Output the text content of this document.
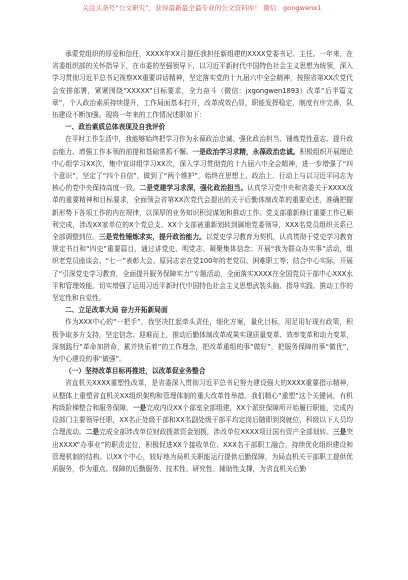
关注头条号“公文研究”，获得最新最全最专业的公文资料库！ 微信：gongwenx1

承蒙党组织的厚爱和信任，XXXX年XX月提任我担任新组建的XXXX党委书记、主任。一年来，在省委组织部的关怀指导下，在市委的坚强领导下，以习近平新时代中国特色社会主义思想为统领，深入学习贯彻习近平总书记视察XX重要讲话精神，坚定落实党的十九届六中全会精神，按照省第XX次党代会安排部署，紧紧围绕“XXXXX”目标要求，全力奋斗（微信：jxgongwen1893）改革“后半篇文章”，个人政治素质持续提升，工作局面基本打开，改革成效凸显，职能发挥稳定，制度有序完善，队伍建设不断加强。现将一年来的工作情况述职如下：

一、政治素质总体表现及自我评价

在平时工作生活中，我能够始终把学习作为永葆政治忠诚、强化政治担当、锤炼党性意志、提升政治能力、增强工作本领的前提和基础常抓不懈。一是政治学习求精，永葆政治忠诚。积极组织开展理论中心组学习XX次，集中宣讲组学习XX次，深入学习贯彻党的十九届六中全会精神，进一步增强了“四个意识”，坚定了“四个自信”，做到了“两个维护”，始终在思想上、政治上、行动上与以习近平同志为核心的党中央保持高度一致。二是党建学习求深，强化政治担当。认真学习党中央和省委关于XXXX改革的重要精神和目标要求，全面领会省第XX次党代会提出的关于后勤体制改革的重要论述，准确把握新形势下各项工作的内在规律，以深厚的业务知识积淀谋划和推动工作。党支部重新修订重要工作已顺利完成，涉改XX家单位的X个党总支、XX个支部被重新划转到属地党委领导，XXX名党员组织关系已全部调整到位。三是党性锤炼求实，提升政治能力。以党史学习教育为契机，认真贯彻于党史学习教育规定书目和“四史”重要篇目，通过讲党史、明党志、凝聚集体信念；开展“我为群众办实事”活动，组织老党员座谈会、“七一”表彰大会。原同志亲在党100年的老党员、困难职工等；结合中心实际，开展了“引深党史学习教育，全面提升服务保障实力”专题活动，全面落实XXXX在全国党员干部中心XXX水平和管理效能。切实增强了运用习近平新时代中国特色社会主义思想武装头脑、指导实践、推动工作的坚定性和自觉性。

二、立足改革大局 奋力开拓新局面

作为XXX中心的“一把手”，我坚决扛起牵头责任，细化方案，量化目标，用足用好现有政策，积极争取多方支持，坚定信念、迎难而上，推动后勤体制改革成果实现质量变革、效率变革和动力变革，深刻践行“革命加拼命，累并快乐着”的工作理念，把改革重组的事“做好”，把服务保障的事“做优”，为中心建设的事“做强”。

（一）坚持改革目标再推进，以改革促业务整合

省直机关XXXX重塑性改革，是省委深入贯彻习近平总书记努力建设强大的XXXX重要指示精神，从整体上重塑省直机关XX组织架构和管理体制的重大改革性举措。我们精心“重塑”这个关键词，有机构级阶梯整合和服务保障。一是完成内设XX个部室全部组建，XX个派驻保障所开始履行职能，完成内设部门主要领导任职，XX名正处级干部和XX名副处级干部平均定岗后随即到岗就位，科级以下人员均合理流动。二是完成全部涉改单位财政拨款资金划拨，涉改单位XXXX项目国有资产全部划转。三是突出XXXX“办事业”的职责定位，积极促进XX个接收单位、XXX名干部职工融合，持续优化组织建设和管理机制的结构。以XX个中心，较好地为局机关职能运行提供后勤保障，为局直机关干部职工提供优质服务，作为重点、保障的后勤服务、技术性、研究性、辅助性支撑，为省直机关后勤
